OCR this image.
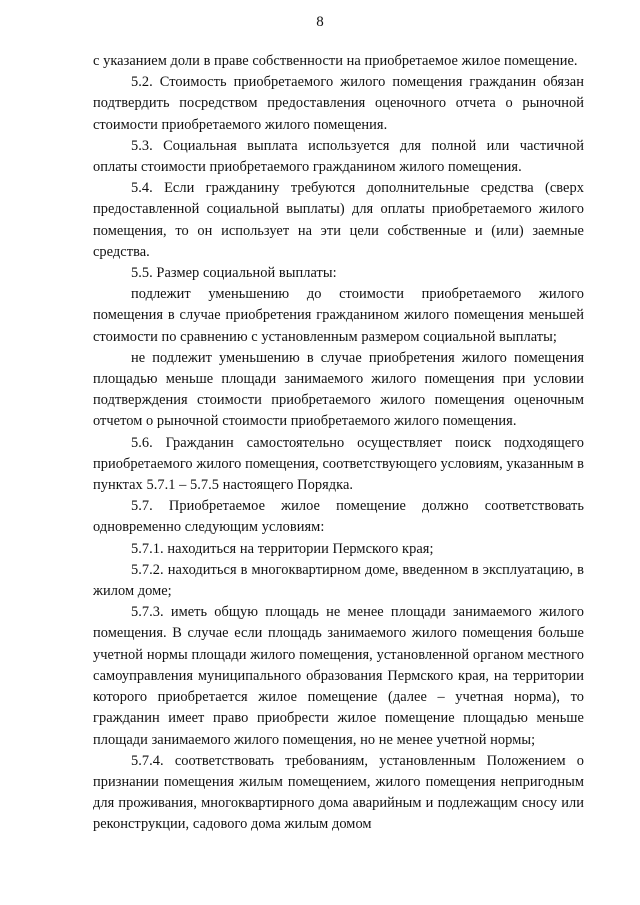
8

с указанием доли в праве собственности на приобретаемое жилое помещение.

5.2. Стоимость приобретаемого жилого помещения гражданин обязан подтвердить посредством предоставления оценочного отчета о рыночной стоимости приобретаемого жилого помещения.

5.3. Социальная выплата используется для полной или частичной оплаты стоимости приобретаемого гражданином жилого помещения.

5.4. Если гражданину требуются дополнительные средства (сверх предоставленной социальной выплаты) для оплаты приобретаемого жилого помещения, то он использует на эти цели собственные и (или) заемные средства.

5.5. Размер социальной выплаты:

подлежит уменьшению до стоимости приобретаемого жилого помещения в случае приобретения гражданином жилого помещения меньшей стоимости по сравнению с установленным размером социальной выплаты;

не подлежит уменьшению в случае приобретения жилого помещения площадью меньше площади занимаемого жилого помещения при условии подтверждения стоимости приобретаемого жилого помещения оценочным отчетом о рыночной стоимости приобретаемого жилого помещения.

5.6. Гражданин самостоятельно осуществляет поиск подходящего приобретаемого жилого помещения, соответствующего условиям, указанным в пунктах 5.7.1 – 5.7.5 настоящего Порядка.

5.7. Приобретаемое жилое помещение должно соответствовать одновременно следующим условиям:

5.7.1. находиться на территории Пермского края;

5.7.2. находиться в многоквартирном доме, введенном в эксплуатацию, в жилом доме;

5.7.3. иметь общую площадь не менее площади занимаемого жилого помещения. В случае если площадь занимаемого жилого помещения больше учетной нормы площади жилого помещения, установленной органом местного самоуправления муниципального образования Пермского края, на территории которого приобретается жилое помещение (далее – учетная норма), то гражданин имеет право приобрести жилое помещение площадью меньше площади занимаемого жилого помещения, но не менее учетной нормы;

5.7.4. соответствовать требованиям, установленным Положением о признании помещения жилым помещением, жилого помещения непригодным для проживания, многоквартирного дома аварийным и подлежащим сносу или реконструкции, садового дома жилым домом
